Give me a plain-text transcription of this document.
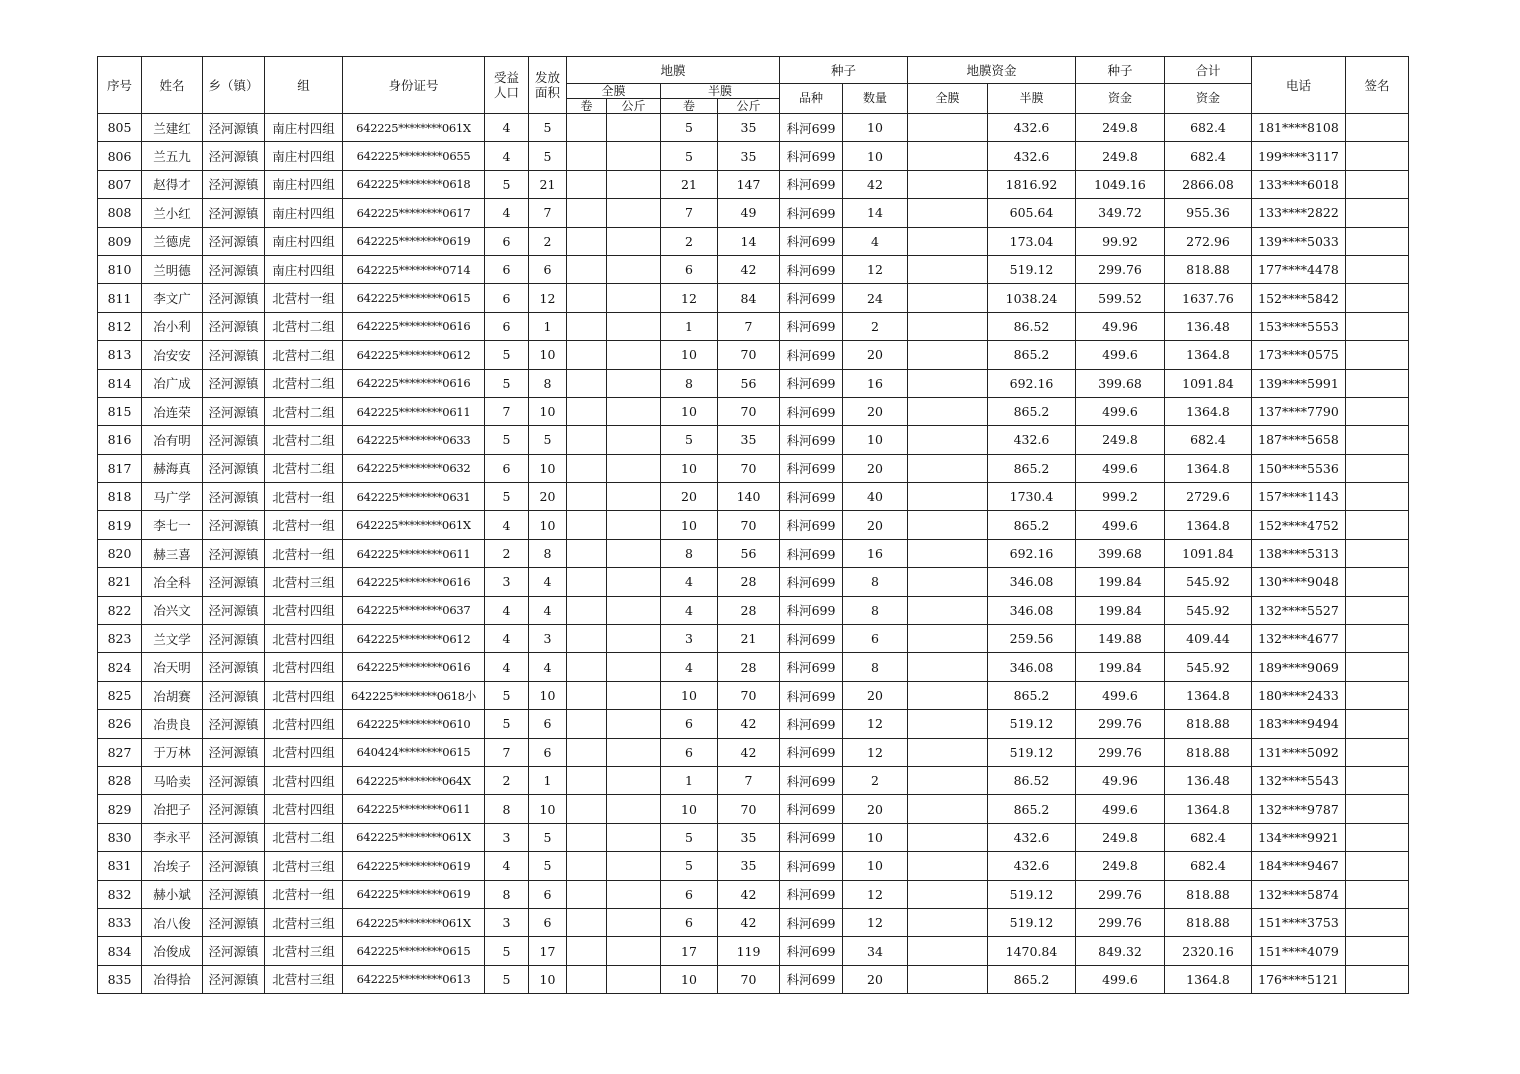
序号	姓名	乡（镇）	组	身份证号	受益人口	发放面积	地膜				种子		地膜资金		种子	合计	电话	签名
							全膜		半膜		品种	数量	全膜	半膜	资金	资金		
							卷	公斤	卷	公斤								
805	兰建红	泾河源镇	南庄村四组	642225********061X	4	5			5	35	科河699	10		432.6	249.8	682.4	181****8108	
806	兰五九	泾河源镇	南庄村四组	642225********0655	4	5			5	35	科河699	10		432.6	249.8	682.4	199****3117	
807	赵得才	泾河源镇	南庄村四组	642225********0618	5	21			21	147	科河699	42		1816.92	1049.16	2866.08	133****6018	
808	兰小红	泾河源镇	南庄村四组	642225********0617	4	7			7	49	科河699	14		605.64	349.72	955.36	133****2822	
809	兰德虎	泾河源镇	南庄村四组	642225********0619	6	2			2	14	科河699	4		173.04	99.92	272.96	139****5033	
810	兰明德	泾河源镇	南庄村四组	642225********0714	6	6			6	42	科河699	12		519.12	299.76	818.88	177****4478	
811	李文广	泾河源镇	北营村一组	642225********0615	6	12			12	84	科河699	24		1038.24	599.52	1637.76	152****5842	
812	冶小利	泾河源镇	北营村二组	642225********0616	6	1			1	7	科河699	2		86.52	49.96	136.48	153****5553	
813	冶安安	泾河源镇	北营村二组	642225********0612	5	10			10	70	科河699	20		865.2	499.6	1364.8	173****0575	
814	冶广成	泾河源镇	北营村二组	642225********0616	5	8			8	56	科河699	16		692.16	399.68	1091.84	139****5991	
815	冶连荣	泾河源镇	北营村二组	642225********0611	7	10			10	70	科河699	20		865.2	499.6	1364.8	137****7790	
816	冶有明	泾河源镇	北营村二组	642225********0633	5	5			5	35	科河699	10		432.6	249.8	682.4	187****5658	
817	赫海真	泾河源镇	北营村二组	642225********0632	6	10			10	70	科河699	20		865.2	499.6	1364.8	150****5536	
818	马广学	泾河源镇	北营村一组	642225********0631	5	20			20	140	科河699	40		1730.4	999.2	2729.6	157****1143	
819	李七一	泾河源镇	北营村一组	642225********061X	4	10			10	70	科河699	20		865.2	499.6	1364.8	152****4752	
820	赫三喜	泾河源镇	北营村一组	642225********0611	2	8			8	56	科河699	16		692.16	399.68	1091.84	138****5313	
821	冶全科	泾河源镇	北营村三组	642225********0616	3	4			4	28	科河699	8		346.08	199.84	545.92	130****9048	
822	冶兴文	泾河源镇	北营村四组	642225********0637	4	4			4	28	科河699	8		346.08	199.84	545.92	132****5527	
823	兰文学	泾河源镇	北营村四组	642225********0612	4	3			3	21	科河699	6		259.56	149.88	409.44	132****4677	
824	冶天明	泾河源镇	北营村四组	642225********0616	4	4			4	28	科河699	8		346.08	199.84	545.92	189****9069	
825	冶胡赛	泾河源镇	北营村四组	642225********0618小	5	10			10	70	科河699	20		865.2	499.6	1364.8	180****2433	
826	冶贵良	泾河源镇	北营村四组	642225********0610	5	6			6	42	科河699	12		519.12	299.76	818.88	183****9494	
827	于万林	泾河源镇	北营村四组	640424********0615	7	6			6	42	科河699	12		519.12	299.76	818.88	131****5092	
828	马哈卖	泾河源镇	北营村四组	642225********064X	2	1			1	7	科河699	2		86.52	49.96	136.48	132****5543	
829	冶把子	泾河源镇	北营村四组	642225********0611	8	10			10	70	科河699	20		865.2	499.6	1364.8	132****9787	
830	李永平	泾河源镇	北营村二组	642225********061X	3	5			5	35	科河699	10		432.6	249.8	682.4	134****9921	
831	冶埃子	泾河源镇	北营村三组	642225********0619	4	5			5	35	科河699	10		432.6	249.8	682.4	184****9467	
832	赫小斌	泾河源镇	北营村一组	642225********0619	8	6			6	42	科河699	12		519.12	299.76	818.88	132****5874	
833	冶八俊	泾河源镇	北营村三组	642225********061X	3	6			6	42	科河699	12		519.12	299.76	818.88	151****3753	
834	冶俊成	泾河源镇	北营村三组	642225********0615	5	17			17	119	科河699	34		1470.84	849.32	2320.16	151****4079	
835	冶得拾	泾河源镇	北营村三组	642225********0613	5	10			10	70	科河699	20		865.2	499.6	1364.8	176****5121	
